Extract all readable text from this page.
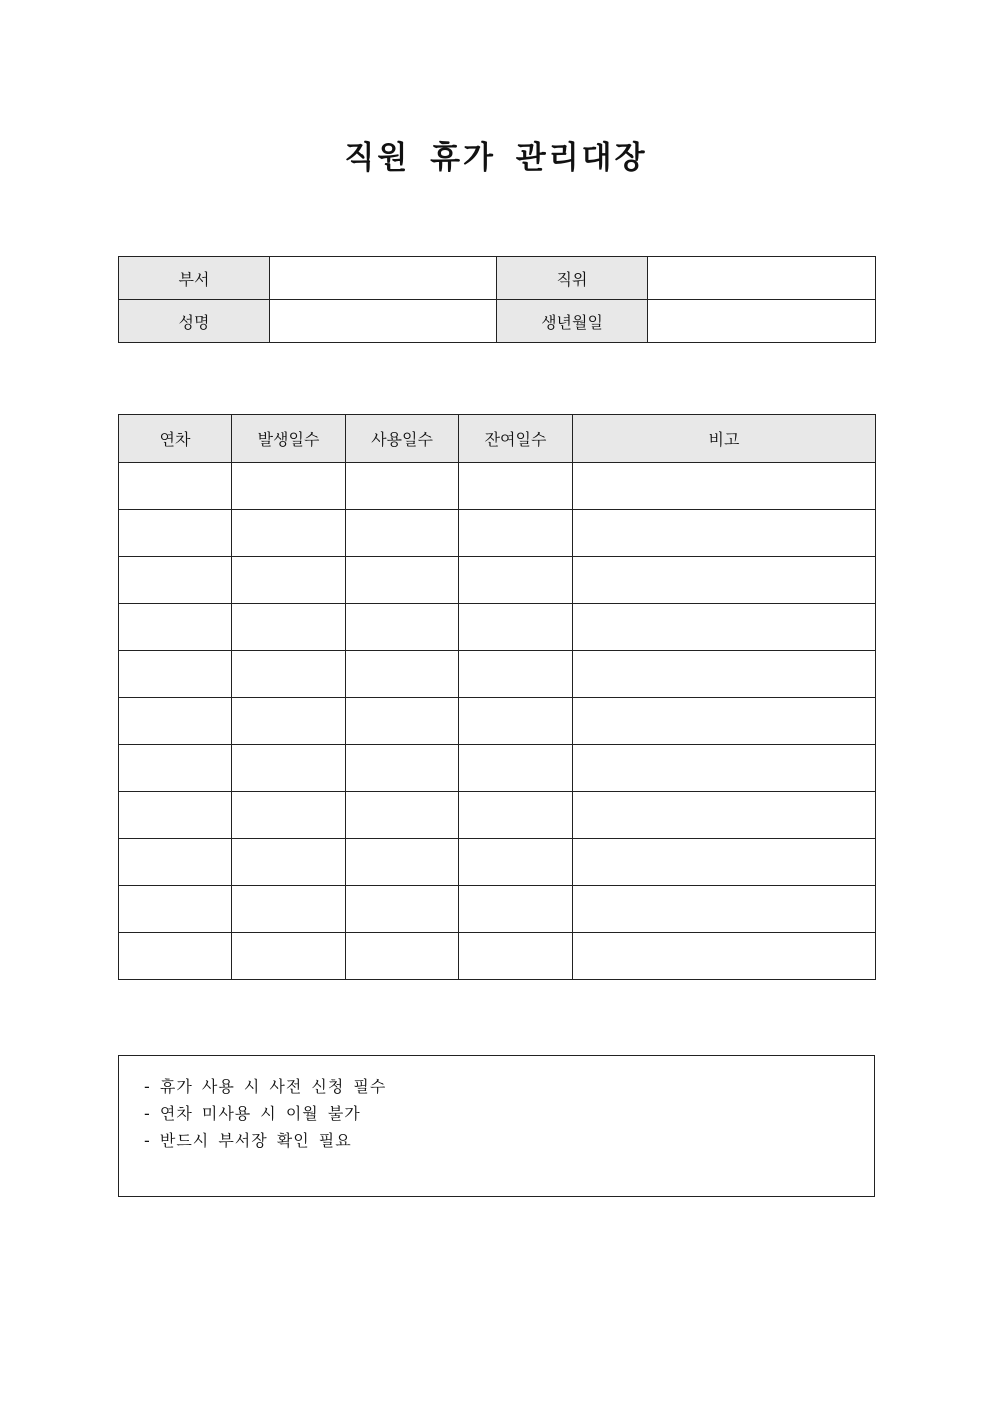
직원 휴가 관리대장
부서		직위	
성명		생년월일	
연차	발생일수	사용일수	잔여일수	비고

- 휴가 사용 시 사전 신청 필수
- 연차 미사용 시 이월 불가
- 반드시 부서장 확인 필요
